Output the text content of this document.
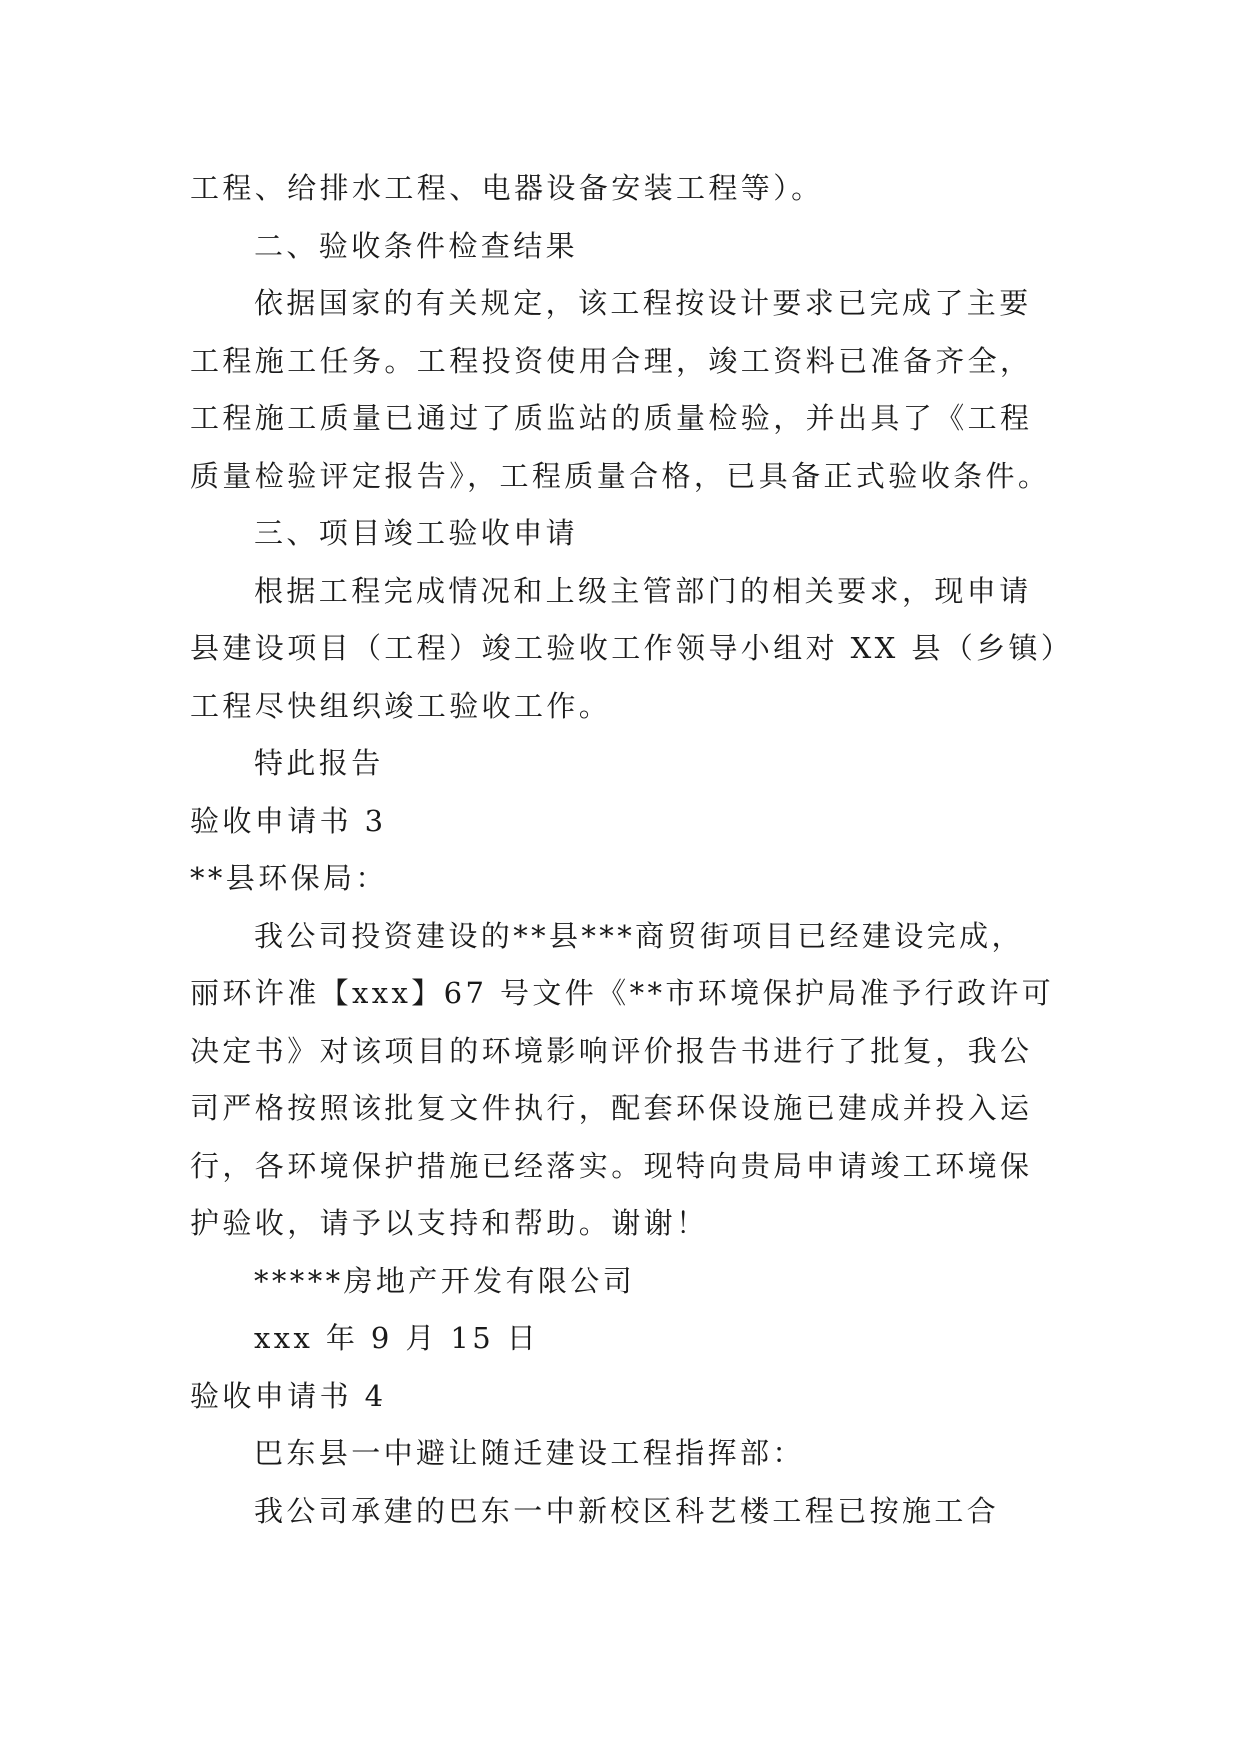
工程、给排水工程、电器设备安装工程等）。
二、验收条件检查结果
依据国家的有关规定，该工程按设计要求已完成了主要
工程施工任务。工程投资使用合理，竣工资料已准备齐全，
工程施工质量已通过了质监站的质量检验，并出具了《工程
质量检验评定报告》，工程质量合格，已具备正式验收条件。
三、项目竣工验收申请
根据工程完成情况和上级主管部门的相关要求，现申请
县建设项目（工程）竣工验收工作领导小组对 XX 县（乡镇）
工程尽快组织竣工验收工作。
特此报告
验收申请书 3
**县环保局：
我公司投资建设的**县***商贸街项目已经建设完成，
丽环许准【xxx】67 号文件《**市环境保护局准予行政许可
决定书》对该项目的环境影响评价报告书进行了批复，我公
司严格按照该批复文件执行，配套环保设施已建成并投入运
行，各环境保护措施已经落实。现特向贵局申请竣工环境保
护验收，请予以支持和帮助。谢谢！
*****房地产开发有限公司
xxx 年 9 月 15 日
验收申请书 4
巴东县一中避让随迁建设工程指挥部：
我公司承建的巴东一中新校区科艺楼工程已按施工合
